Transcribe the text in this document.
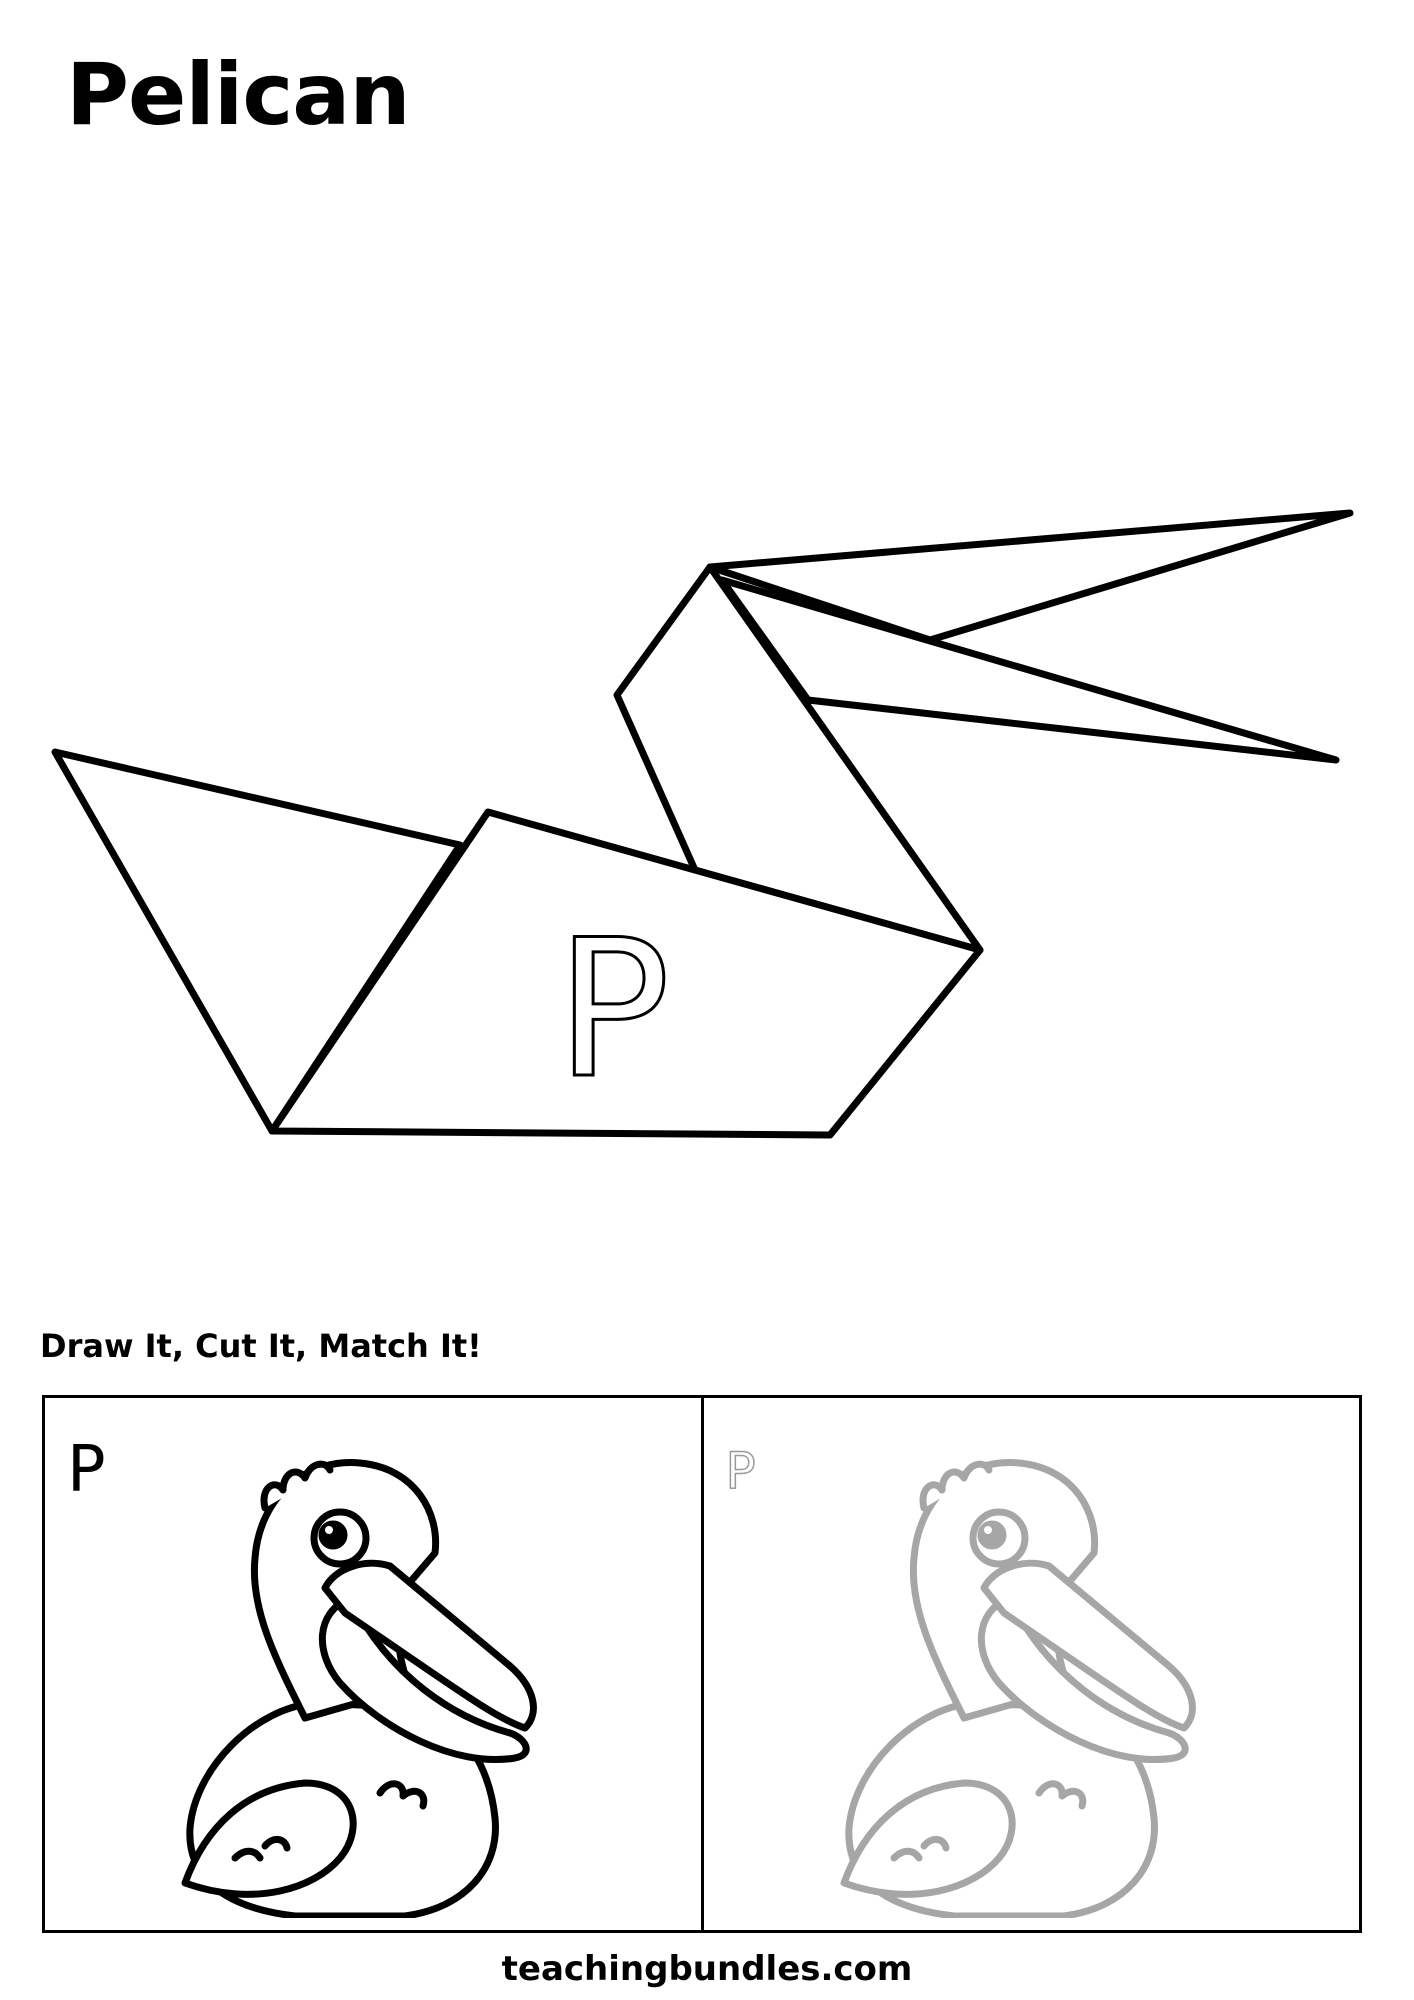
Pelican
P
Draw It, Cut It, Match It!
P	P

teachingbundles.com
